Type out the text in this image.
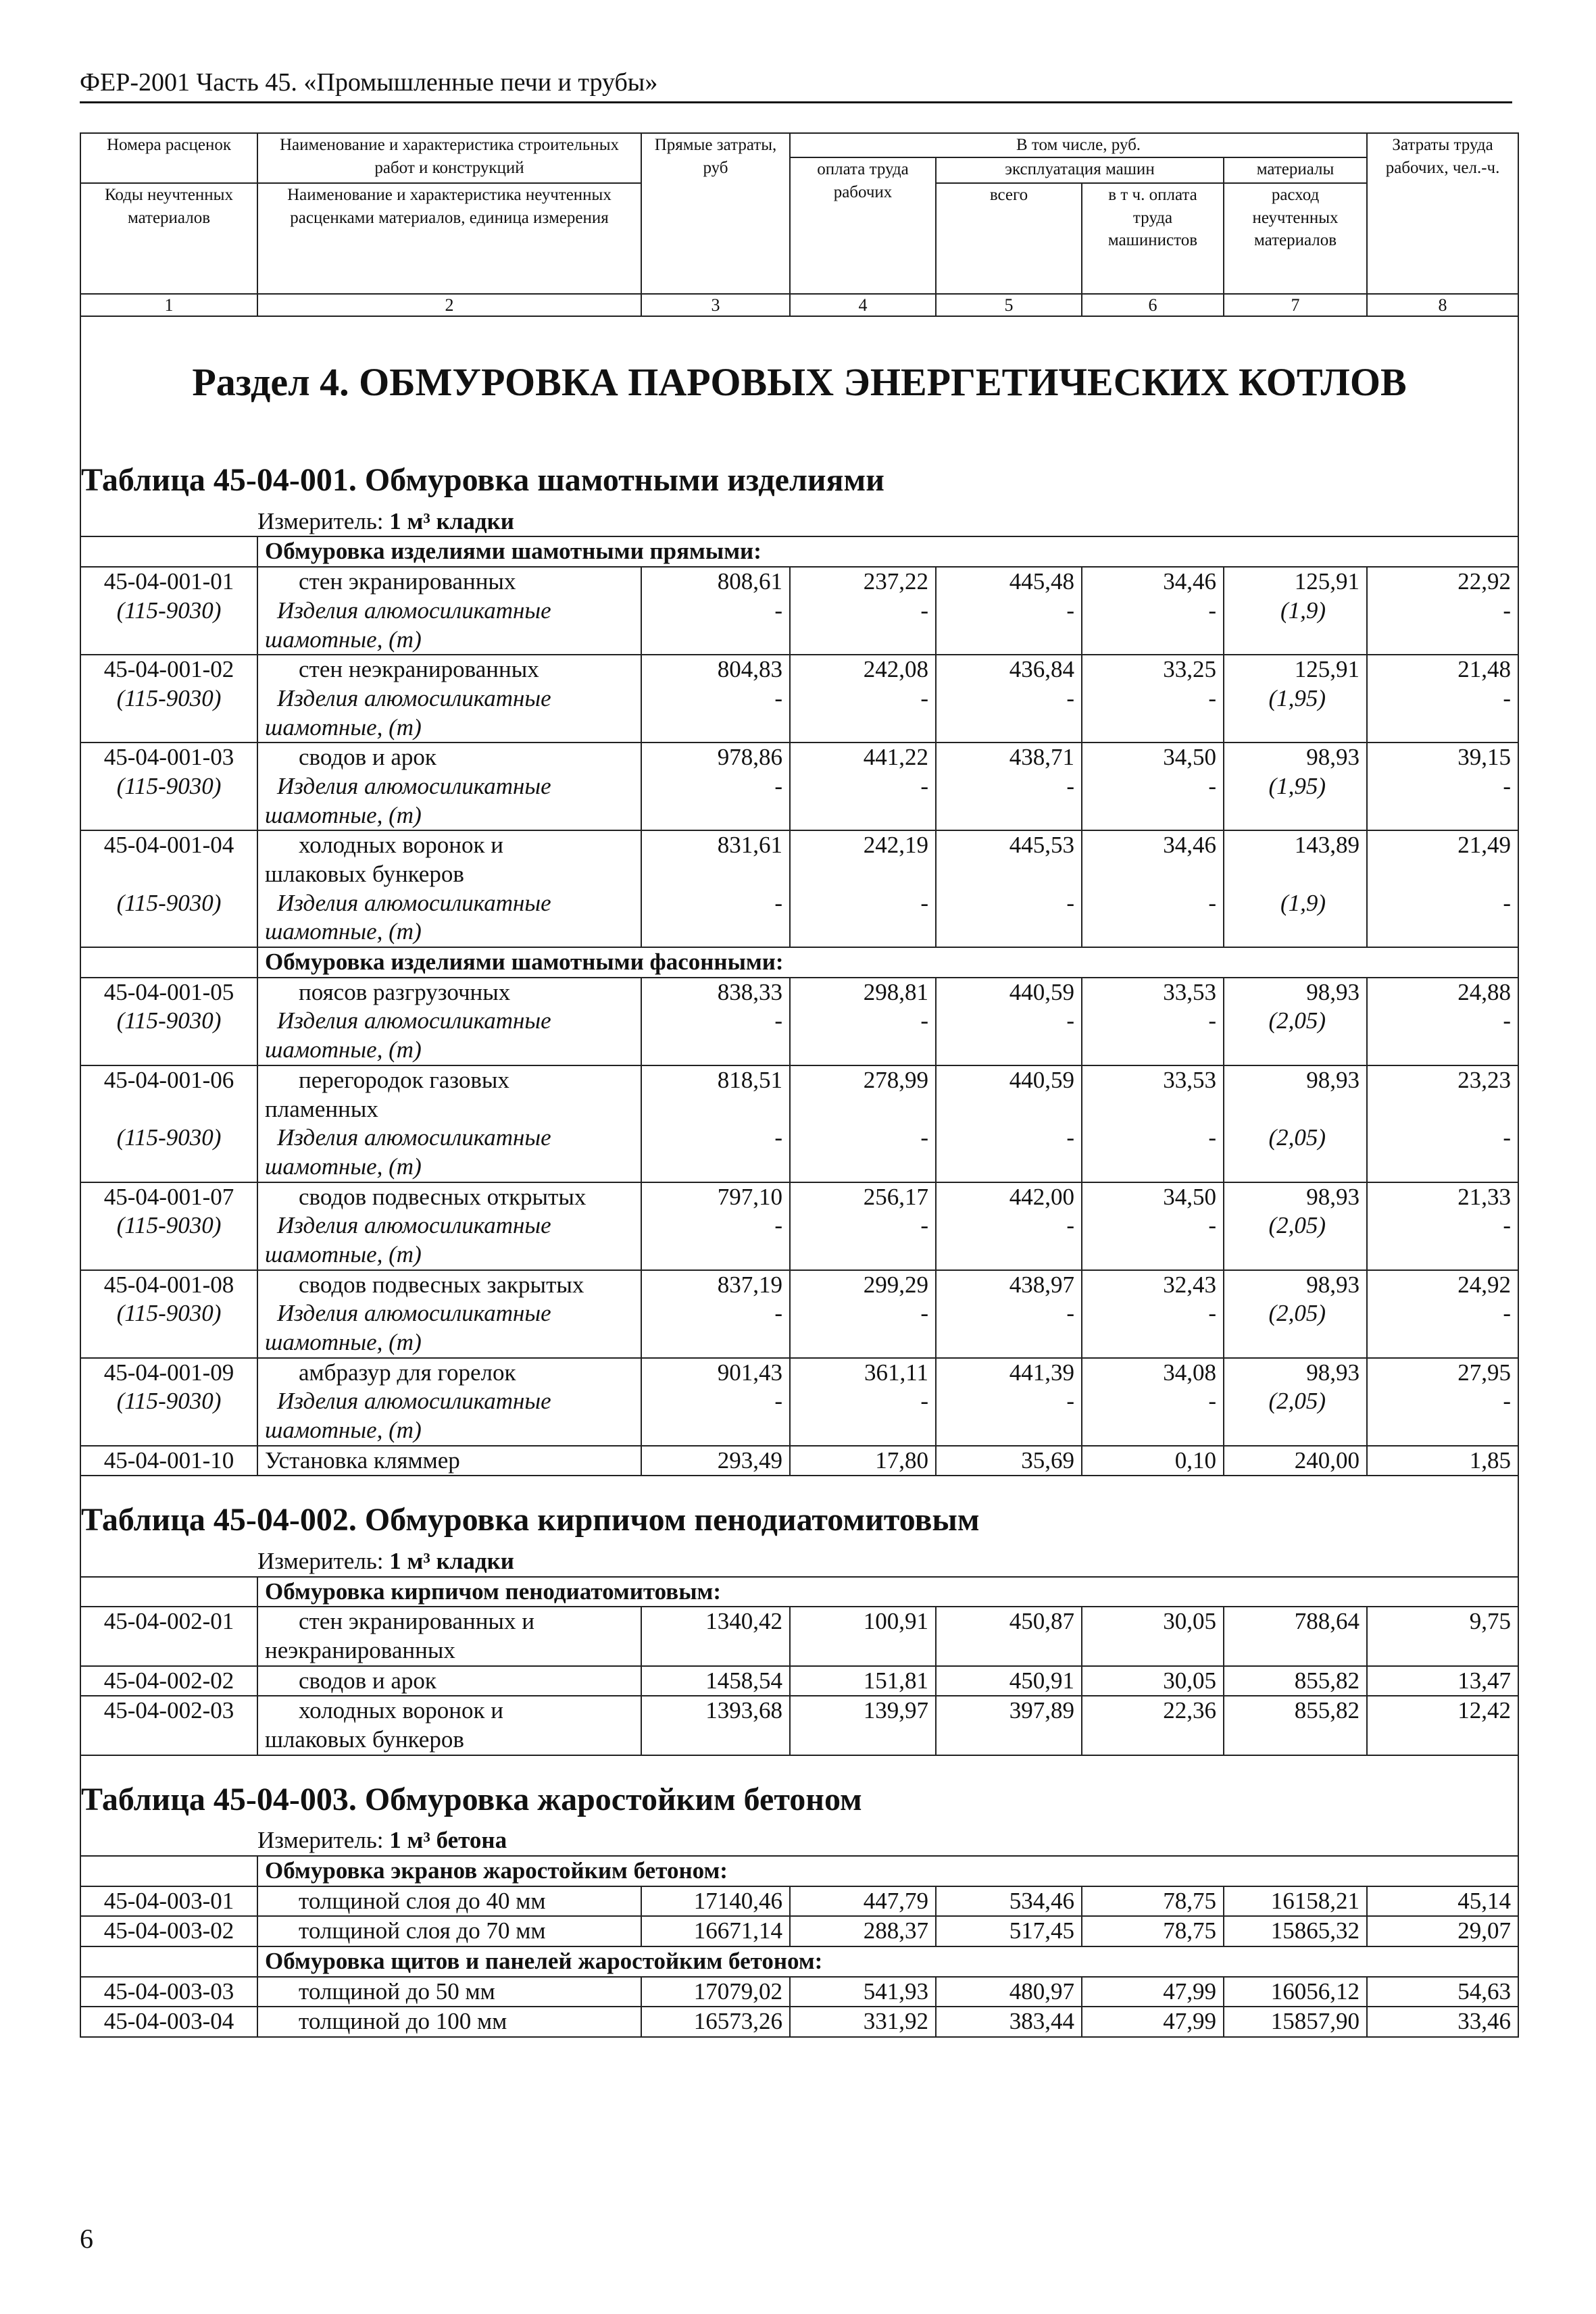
ФЕР-2001 Часть 45. «Промышленные печи и трубы»
Номера расценок	Наименование и характеристика строительных работ и конструкций	Прямые затраты, руб	В том числе, руб.				Затраты труда рабочих, чел.-ч.
			оплата труда рабочих	эксплуатация машин		материалы	
Коды неучтенных материалов	Наименование и характеристика неучтенных расценками материалов, единица измерения			всего	в т ч. оплата труда машинистов	расход неучтенных материалов	

1	2	3	4	5	6	7	8
Раздел 4. ОБМУРОВКА ПАРОВЫХ ЭНЕРГЕТИЧЕСКИХ КОТЛОВ							
Таблица 45-04-001. Обмуровка шамотными изделиями							
	Измеритель: 1 м³ кладки						
	Обмуровка изделиями шамотными прямыми:						
45-04-001-01	стен экранированных	808,61	237,22	445,48	34,46	125,91	22,92
(115-9030)	Изделия алюмосиликатные	-	-	-	-	(1,9)	-
	шамотные, (т)						
45-04-001-02	стен неэкранированных	804,83	242,08	436,84	33,25	125,91	21,48
(115-9030)	Изделия алюмосиликатные	-	-	-	-	(1,95)	-
	шамотные, (т)						
45-04-001-03	сводов и арок	978,86	441,22	438,71	34,50	98,93	39,15
(115-9030)	Изделия алюмосиликатные	-	-	-	-	(1,95)	-
	шамотные, (т)						
45-04-001-04	холодных воронок и	831,61	242,19	445,53	34,46	143,89	21,49
	шлаковых бункеров						
(115-9030)	Изделия алюмосиликатные	-	-	-	-	(1,9)	-
	шамотные, (т)						
	Обмуровка изделиями шамотными фасонными:						
45-04-001-05	поясов разгрузочных	838,33	298,81	440,59	33,53	98,93	24,88
(115-9030)	Изделия алюмосиликатные	-	-	-	-	(2,05)	-
	шамотные, (т)						
45-04-001-06	перегородок газовых	818,51	278,99	440,59	33,53	98,93	23,23
	пламенных						
(115-9030)	Изделия алюмосиликатные	-	-	-	-	(2,05)	-
	шамотные, (т)						
45-04-001-07	сводов подвесных открытых	797,10	256,17	442,00	34,50	98,93	21,33
(115-9030)	Изделия алюмосиликатные	-	-	-	-	(2,05)	-
	шамотные, (т)						
45-04-001-08	сводов подвесных закрытых	837,19	299,29	438,97	32,43	98,93	24,92
(115-9030)	Изделия алюмосиликатные	-	-	-	-	(2,05)	-
	шамотные, (т)						
45-04-001-09	амбразур для горелок	901,43	361,11	441,39	34,08	98,93	27,95
(115-9030)	Изделия алюмосиликатные	-	-	-	-	(2,05)	-
	шамотные, (т)						
45-04-001-10	Установка кляммер	293,49	17,80	35,69	0,10	240,00	1,85
Таблица 45-04-002. Обмуровка кирпичом пенодиатомитовым							
	Измеритель: 1 м³ кладки						
	Обмуровка кирпичом пенодиатомитовым:						
45-04-002-01	стен экранированных и	1340,42	100,91	450,87	30,05	788,64	9,75
	неэкранированных						
45-04-002-02	сводов и арок	1458,54	151,81	450,91	30,05	855,82	13,47
45-04-002-03	холодных воронок и	1393,68	139,97	397,89	22,36	855,82	12,42
	шлаковых бункеров						
Таблица 45-04-003. Обмуровка жаростойким бетоном							
	Измеритель: 1 м³ бетона						
	Обмуровка экранов жаростойким бетоном:						
45-04-003-01	толщиной слоя до 40 мм	17140,46	447,79	534,46	78,75	16158,21	45,14
45-04-003-02	толщиной слоя до 70 мм	16671,14	288,37	517,45	78,75	15865,32	29,07
	Обмуровка щитов и панелей жаростойким бетоном:						
45-04-003-03	толщиной до 50 мм	17079,02	541,93	480,97	47,99	16056,12	54,63
45-04-003-04	толщиной до 100 мм	16573,26	331,92	383,44	47,99	15857,90	33,46
6
